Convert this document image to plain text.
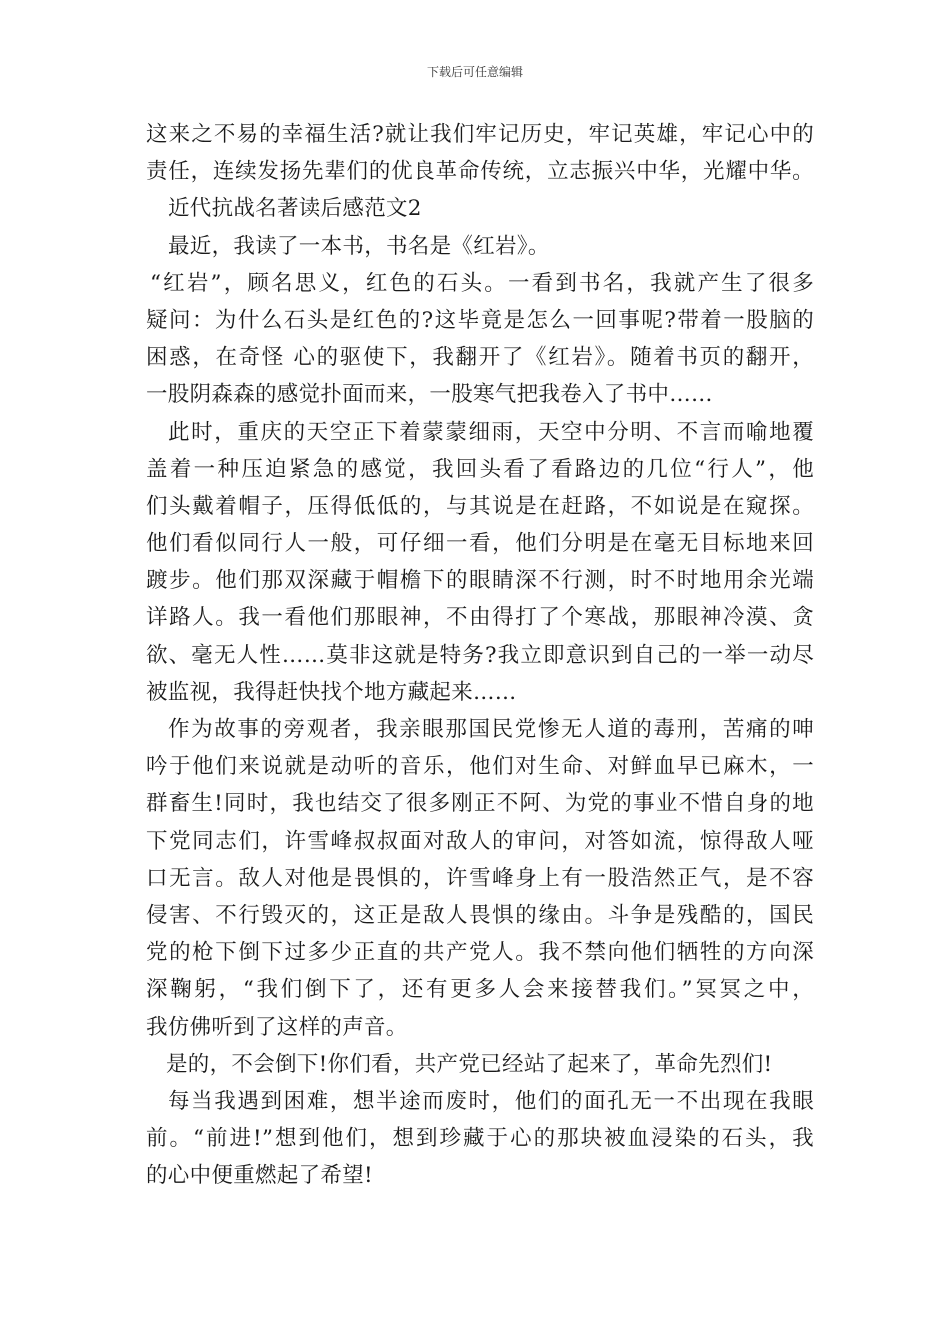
下载后可任意编辑
这来之不易的幸福生活?就让我们牢记历史，牢记英雄，牢记心中的
责任，连续发扬先辈们的优良革命传统，立志振兴中华，光耀中华。
近代抗战名著读后感范文2
最近，我读了一本书，书名是《红岩》。
“红岩”，顾名思义，红色的石头。一看到书名，我就产生了很多
疑问：为什么石头是红色的?这毕竟是怎么一回事呢?带着一股脑的
困惑，在奇怪 心的驱使下，我翻开了《红岩》。随着书页的翻开，
一股阴森森的感觉扑面而来，一股寒气把我卷入了书中……
此时，重庆的天空正下着蒙蒙细雨，天空中分明、不言而喻地覆
盖着一种压迫紧急的感觉，我回头看了看路边的几位“行人”，他
们头戴着帽子，压得低低的，与其说是在赶路，不如说是在窥探。
他们看似同行人一般，可仔细一看，他们分明是在毫无目标地来回
踱步。他们那双深藏于帽檐下的眼睛深不行测，时不时地用余光端
详路人。我一看他们那眼神，不由得打了个寒战，那眼神冷漠、贪
欲、毫无人性……莫非这就是特务?我立即意识到自己的一举一动尽
被监视，我得赶快找个地方藏起来……
作为故事的旁观者，我亲眼那国民党惨无人道的毒刑，苦痛的呻
吟于他们来说就是动听的音乐，他们对生命、对鲜血早已麻木，一
群畜生!同时，我也结交了很多刚正不阿、为党的事业不惜自身的地
下党同志们，许雪峰叔叔面对敌人的审问，对答如流，惊得敌人哑
口无言。敌人对他是畏惧的，许雪峰身上有一股浩然正气，是不容
侵害、不行毁灭的，这正是敌人畏惧的缘由。斗争是残酷的，国民
党的枪下倒下过多少正直的共产党人。我不禁向他们牺牲的方向深
深鞠躬，“我们倒下了，还有更多人会来接替我们。”冥冥之中，
我仿佛听到了这样的声音。
是的，不会倒下!你们看，共产党已经站了起来了，革命先烈们!
每当我遇到困难，想半途而废时，他们的面孔无一不出现在我眼
前。“前进!”想到他们，想到珍藏于心的那块被血浸染的石头，我
的心中便重燃起了希望!
